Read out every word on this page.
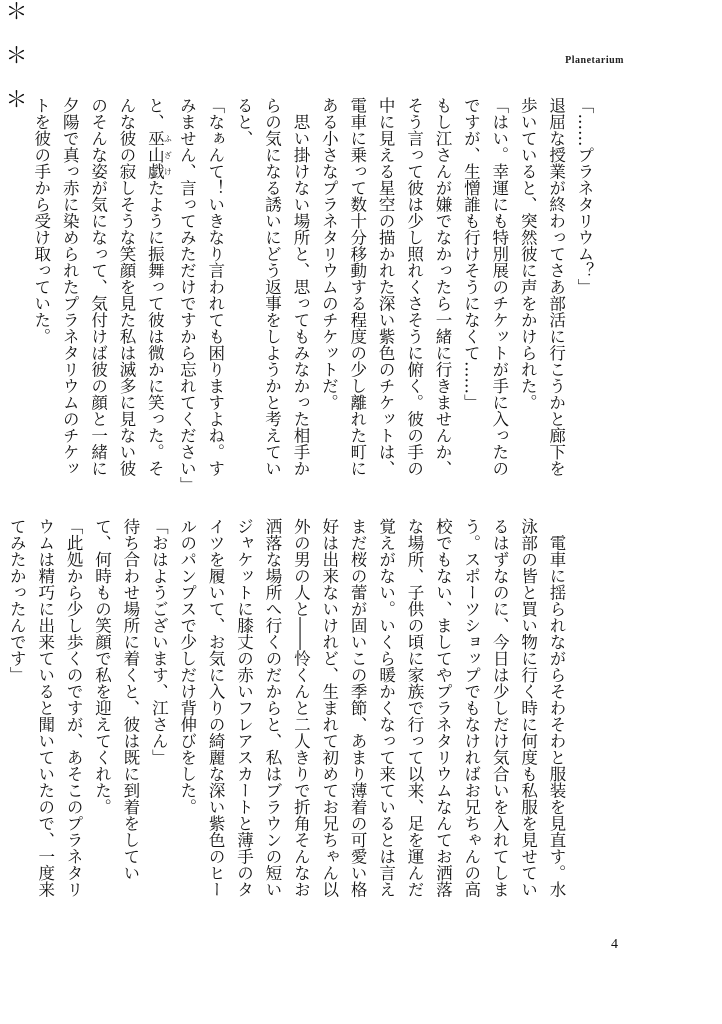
Planetarium

「……プラネタリウム？」

退屈な授業が終わってさあ部活に行こうかと廊下を歩いていると、突然彼に声をかけられた。

「はい。幸運にも特別展のチケットが手に入ったのですが、生憎誰も行けそうになくて……」

もし江さんが嫌でなかったら一緒に行きませんか、そう言って彼は少し照れくさそうに俯く。彼の手の中に見える星空の描かれた深い紫色のチケットは、電車に乗って数十分移動する程度の少し離れた町にある小さなプラネタリウムのチケットだ。

　思い掛けない場所と、思ってもみなかった相手からの気になる誘いにどう返事をしようかと考えていると、

「なぁんて！いきなり言われても困りますよね。すみません、言ってみただけですから忘れてください」

と、巫山戯 ふざけたように振舞って彼は微かに笑った。そんな彼の寂しそうな笑顔を見た私は滅多に見ない彼のそんな姿が気になって、気付けば彼の顔と一緒に夕陽で真っ赤に染められたプラネタリウムのチケットを彼の手から受け取っていた。

＊　＊　＊

　電車に揺られながらそわそわと服装を見直す。水泳部の皆と買い物に行く時に何度も私服を見せているはずなのに、今日は少しだけ気合いを入れてしまう。スポーツショップでもなければお兄ちゃんの高校でもない、ましてやプラネタリウムなんてお洒落な場所、子供の頃に家族で行って以来、足を運んだ覚えがない。いくら暖かくなって来ているとは言えまだ桜の蕾が固いこの季節、あまり薄着の可愛い格好は出来ないけれど、生まれて初めてお兄ちゃん以外の男の人と――怜くんと二人きりで折角そんなお洒落な場所へ行くのだからと、私はブラウンの短いジャケットに膝丈の赤いフレアスカートと薄手のタイツを履いて、お気に入りの綺麗な深い紫色のヒールのパンプスで少しだけ背伸びをした。

「おはようございます、江さん」

待ち合わせ場所に着くと、彼は既に到着をしていて、何時もの笑顔で私を迎えてくれた。

「此処から少し歩くのですが、あそこのプラネタリウムは精巧に出来ていると聞いていたので、一度来てみたかったんです」

4
